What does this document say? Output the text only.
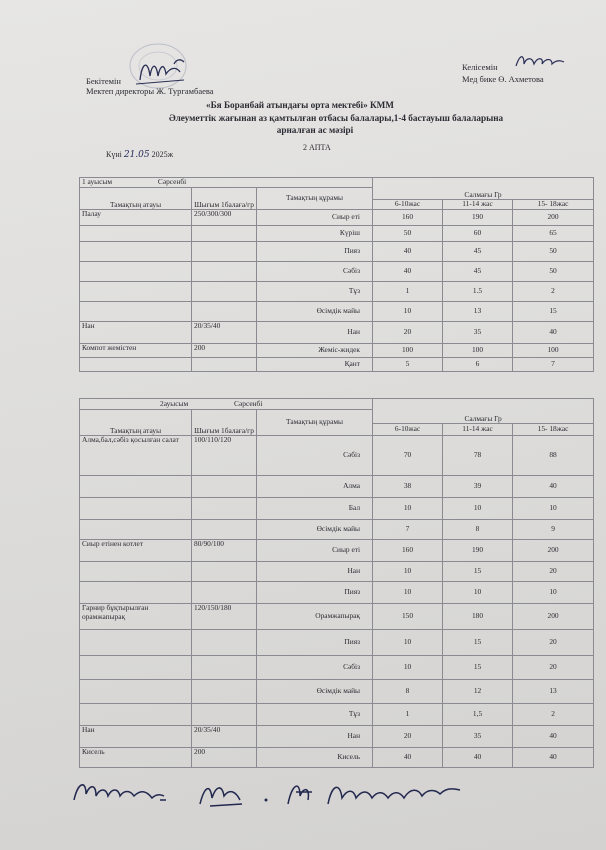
Бекітемін
Мектеп директоры Ж. Тургамбаева
Келісемін
Мед бике Ө. Ахметова
«Бя Боранбай атындағы орта мектебі» КММ
Әлеуметтік жағынан аз қамтылған отбасы балалары,1-4 бастауыш балаларына
арналған ас мәзірі
Күні 21.05 2025ж
2 АПТА
1 ауысым Сәрсенбі			Салмағы Гр		
Тамақтың атауы	Шығым 1балаға/гр	Тамақтың құрамы			
			6-10жас	11-14 жас	15- 18жас
Палау	250/300/300	Сиыр еті	160	190	200
		Күріш	50	60	65
		Пияз	40	45	50
		Сәбіз	40	45	50
		Тұз	1	1.5	2
		Өсімдік майы	10	13	15
Нан	20/35/40	Нан	20	35	40
Компот жемістен	200	Жеміс-жидек	100	100	100
		Қант	5	6	7
2ауысым Сәрсенбі			Салмағы Гр		
Тамақтың атауы	Шығым 1балаға/гр	Тамақтың құрамы			
			6-10жас	11-14 жас	15- 18жас
Алма,бал,сәбіз қосылған салат	100/110/120	Сәбіз	70	78	88
		Алма	38	39	40
		Бал	10	10	10
		Өсімдік майы	7	8	9
Сиыр етінен котлет	80/90/100	Сиыр еті	160	190	200
		Нан	10	15	20
		Пияз	10	10	10
Гарнир бұқтырылған орамжапырақ	120/150/180	Орамжапырақ	150	180	200
		Пияз	10	15	20
		Сәбіз	10	15	20
		Өсімдік майы	8	12	13
		Тұз	1	1,5	2
Нан	20/35/40	Нан	20	35	40
Кисель	200	Кисель	40	40	40
